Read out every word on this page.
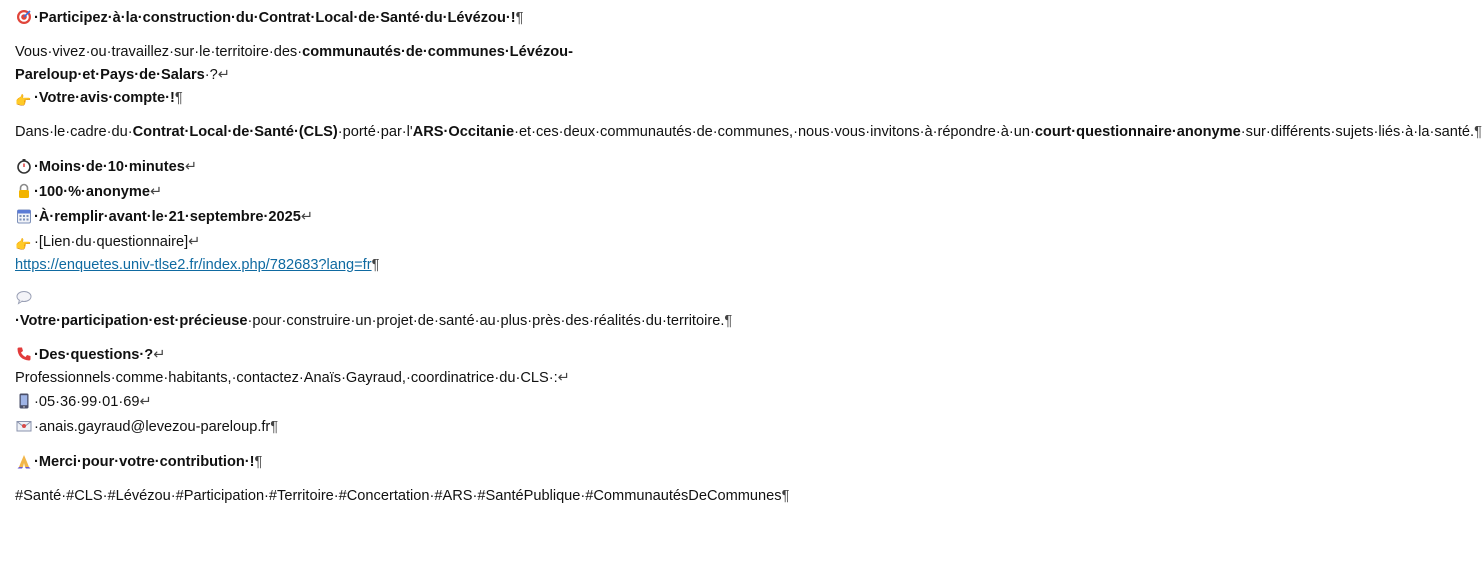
·Participez·à·la·construction·du·Contrat·Local·de·Santé·du·Lévézou·!¶

Vous·vivez·ou·travaillez·sur·le·territoire·des·communautés·de·communes·Lévézou-Pareloup·et·Pays·de·Salars·?↵
👉 ·Votre·avis·compte·!¶

Dans·le·cadre·du·Contrat·Local·de·Santé·(CLS)·porté·par·l'ARS·Occitanie·et·ces·deux·communautés·de·communes,·nous·vous·invitons·à·répondre·à·un·court·questionnaire·anonyme·sur·différents·sujets·liés·à·la·santé.¶

·Moins·de·10·minutes↵
·100·%·anonyme↵
·À·remplir·avant·le·21·septembre·2025↵
👉 ·[Lien·du·questionnaire]↵
https://enquetes.univ-tlse2.fr/index.php/782683?lang=fr¶

·Votre·participation·est·précieuse·pour·construire·un·projet·de·santé·au·plus·près·des·réalités·du·territoire.¶

·Des·questions·?↵
Professionnels·comme·habitants,·contactez·Anaïs·Gayraud,·coordinatrice·du·CLS·:↵
·05·36·99·01·69↵
·anais.gayraud@levezou-pareloup.fr¶

·Merci·pour·votre·contribution·!¶

#Santé·#CLS·#Lévézou·#Participation·#Territoire·#Concertation·#ARS·#SantéPublique·#CommunautésDeCommunes¶
